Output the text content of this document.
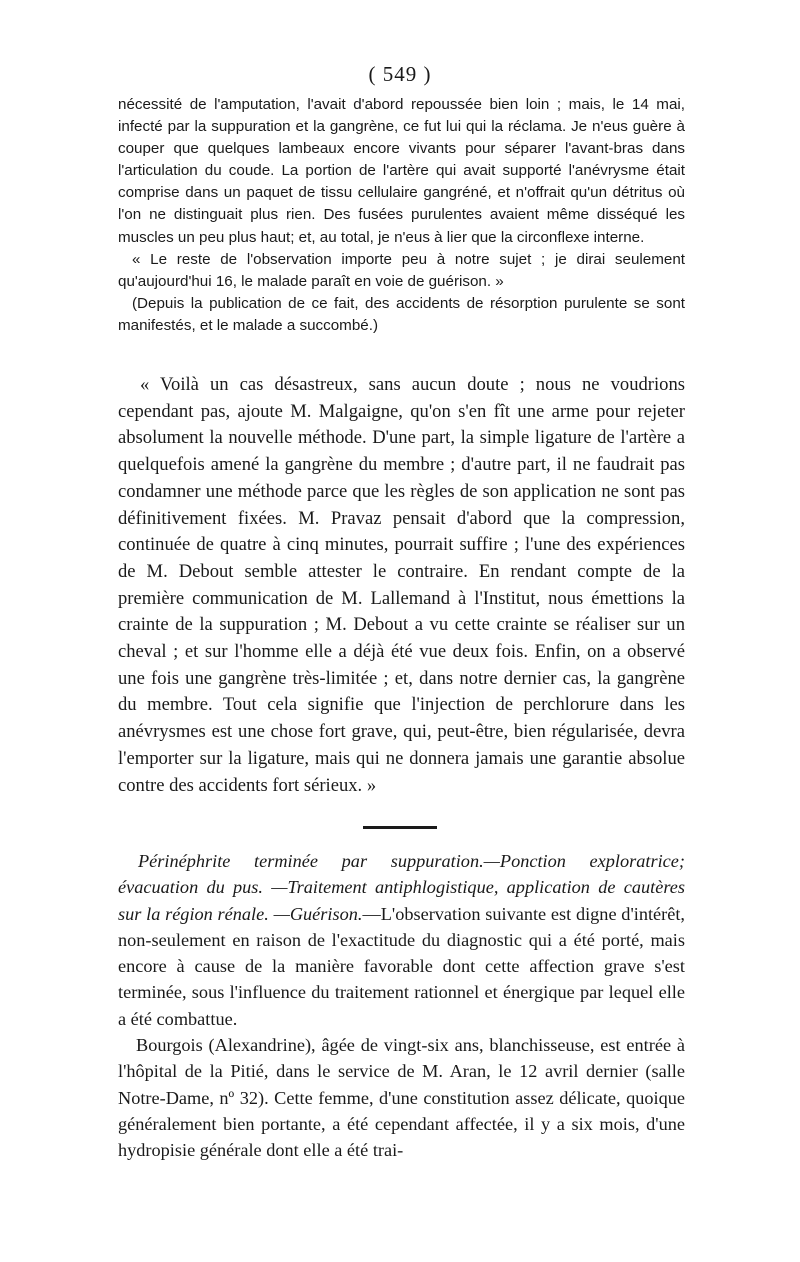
( 549 )

nécessité de l'amputation, l'avait d'abord repoussée bien loin ; mais, le 14 mai, infecté par la suppuration et la gangrène, ce fut lui qui la réclama. Je n'eus guère à couper que quelques lambeaux encore vivants pour séparer l'avant-bras dans l'articulation du coude. La portion de l'artère qui avait supporté l'anévrysme était comprise dans un paquet de tissu cellulaire gangréné, et n'offrait qu'un détritus où l'on ne distinguait plus rien. Des fusées purulentes avaient même disséqué les muscles un peu plus haut; et, au total, je n'eus à lier que la circonflexe interne.

« Le reste de l'observation importe peu à notre sujet ; je dirai seulement qu'aujourd'hui 16, le malade paraît en voie de guérison. »

(Depuis la publication de ce fait, des accidents de résorption purulente se sont manifestés, et le malade a succombé.)

« Voilà un cas désastreux, sans aucun doute ; nous ne voudrions cependant pas, ajoute M. Malgaigne, qu'on s'en fît une arme pour rejeter absolument la nouvelle méthode. D'une part, la simple ligature de l'artère a quelquefois amené la gangrène du membre ; d'autre part, il ne faudrait pas condamner une méthode parce que les règles de son application ne sont pas définitivement fixées. M. Pravaz pensait d'abord que la compression, continuée de quatre à cinq minutes, pourrait suffire ; l'une des expériences de M. Debout semble attester le contraire. En rendant compte de la première communication de M. Lallemand à l'Institut, nous émettions la crainte de la suppuration ; M. Debout a vu cette crainte se réaliser sur un cheval ; et sur l'homme elle a déjà été vue deux fois. Enfin, on a observé une fois une gangrène très-limitée ; et, dans notre dernier cas, la gangrène du membre. Tout cela signifie que l'injection de perchlorure dans les anévrysmes est une chose fort grave, qui, peut-être, bien régularisée, devra l'emporter sur la ligature, mais qui ne donnera jamais une garantie absolue contre des accidents fort sérieux. »

Périnéphrite terminée par suppuration.—Ponction exploratrice; évacuation du pus. —Traitement antiphlogistique, application de cautères sur la région rénale. —Guérison.—L'observation suivante est digne d'intérêt, non-seulement en raison de l'exactitude du diagnostic qui a été porté, mais encore à cause de la manière favorable dont cette affection grave s'est terminée, sous l'influence du traitement rationnel et énergique par lequel elle a été combattue.

Bourgois (Alexandrine), âgée de vingt-six ans, blanchisseuse, est entrée à l'hôpital de la Pitié, dans le service de M. Aran, le 12 avril dernier (salle Notre-Dame, nº 32). Cette femme, d'une constitution assez délicate, quoique généralement bien portante, a été cependant affectée, il y a six mois, d'une hydropisie générale dont elle a été trai-
